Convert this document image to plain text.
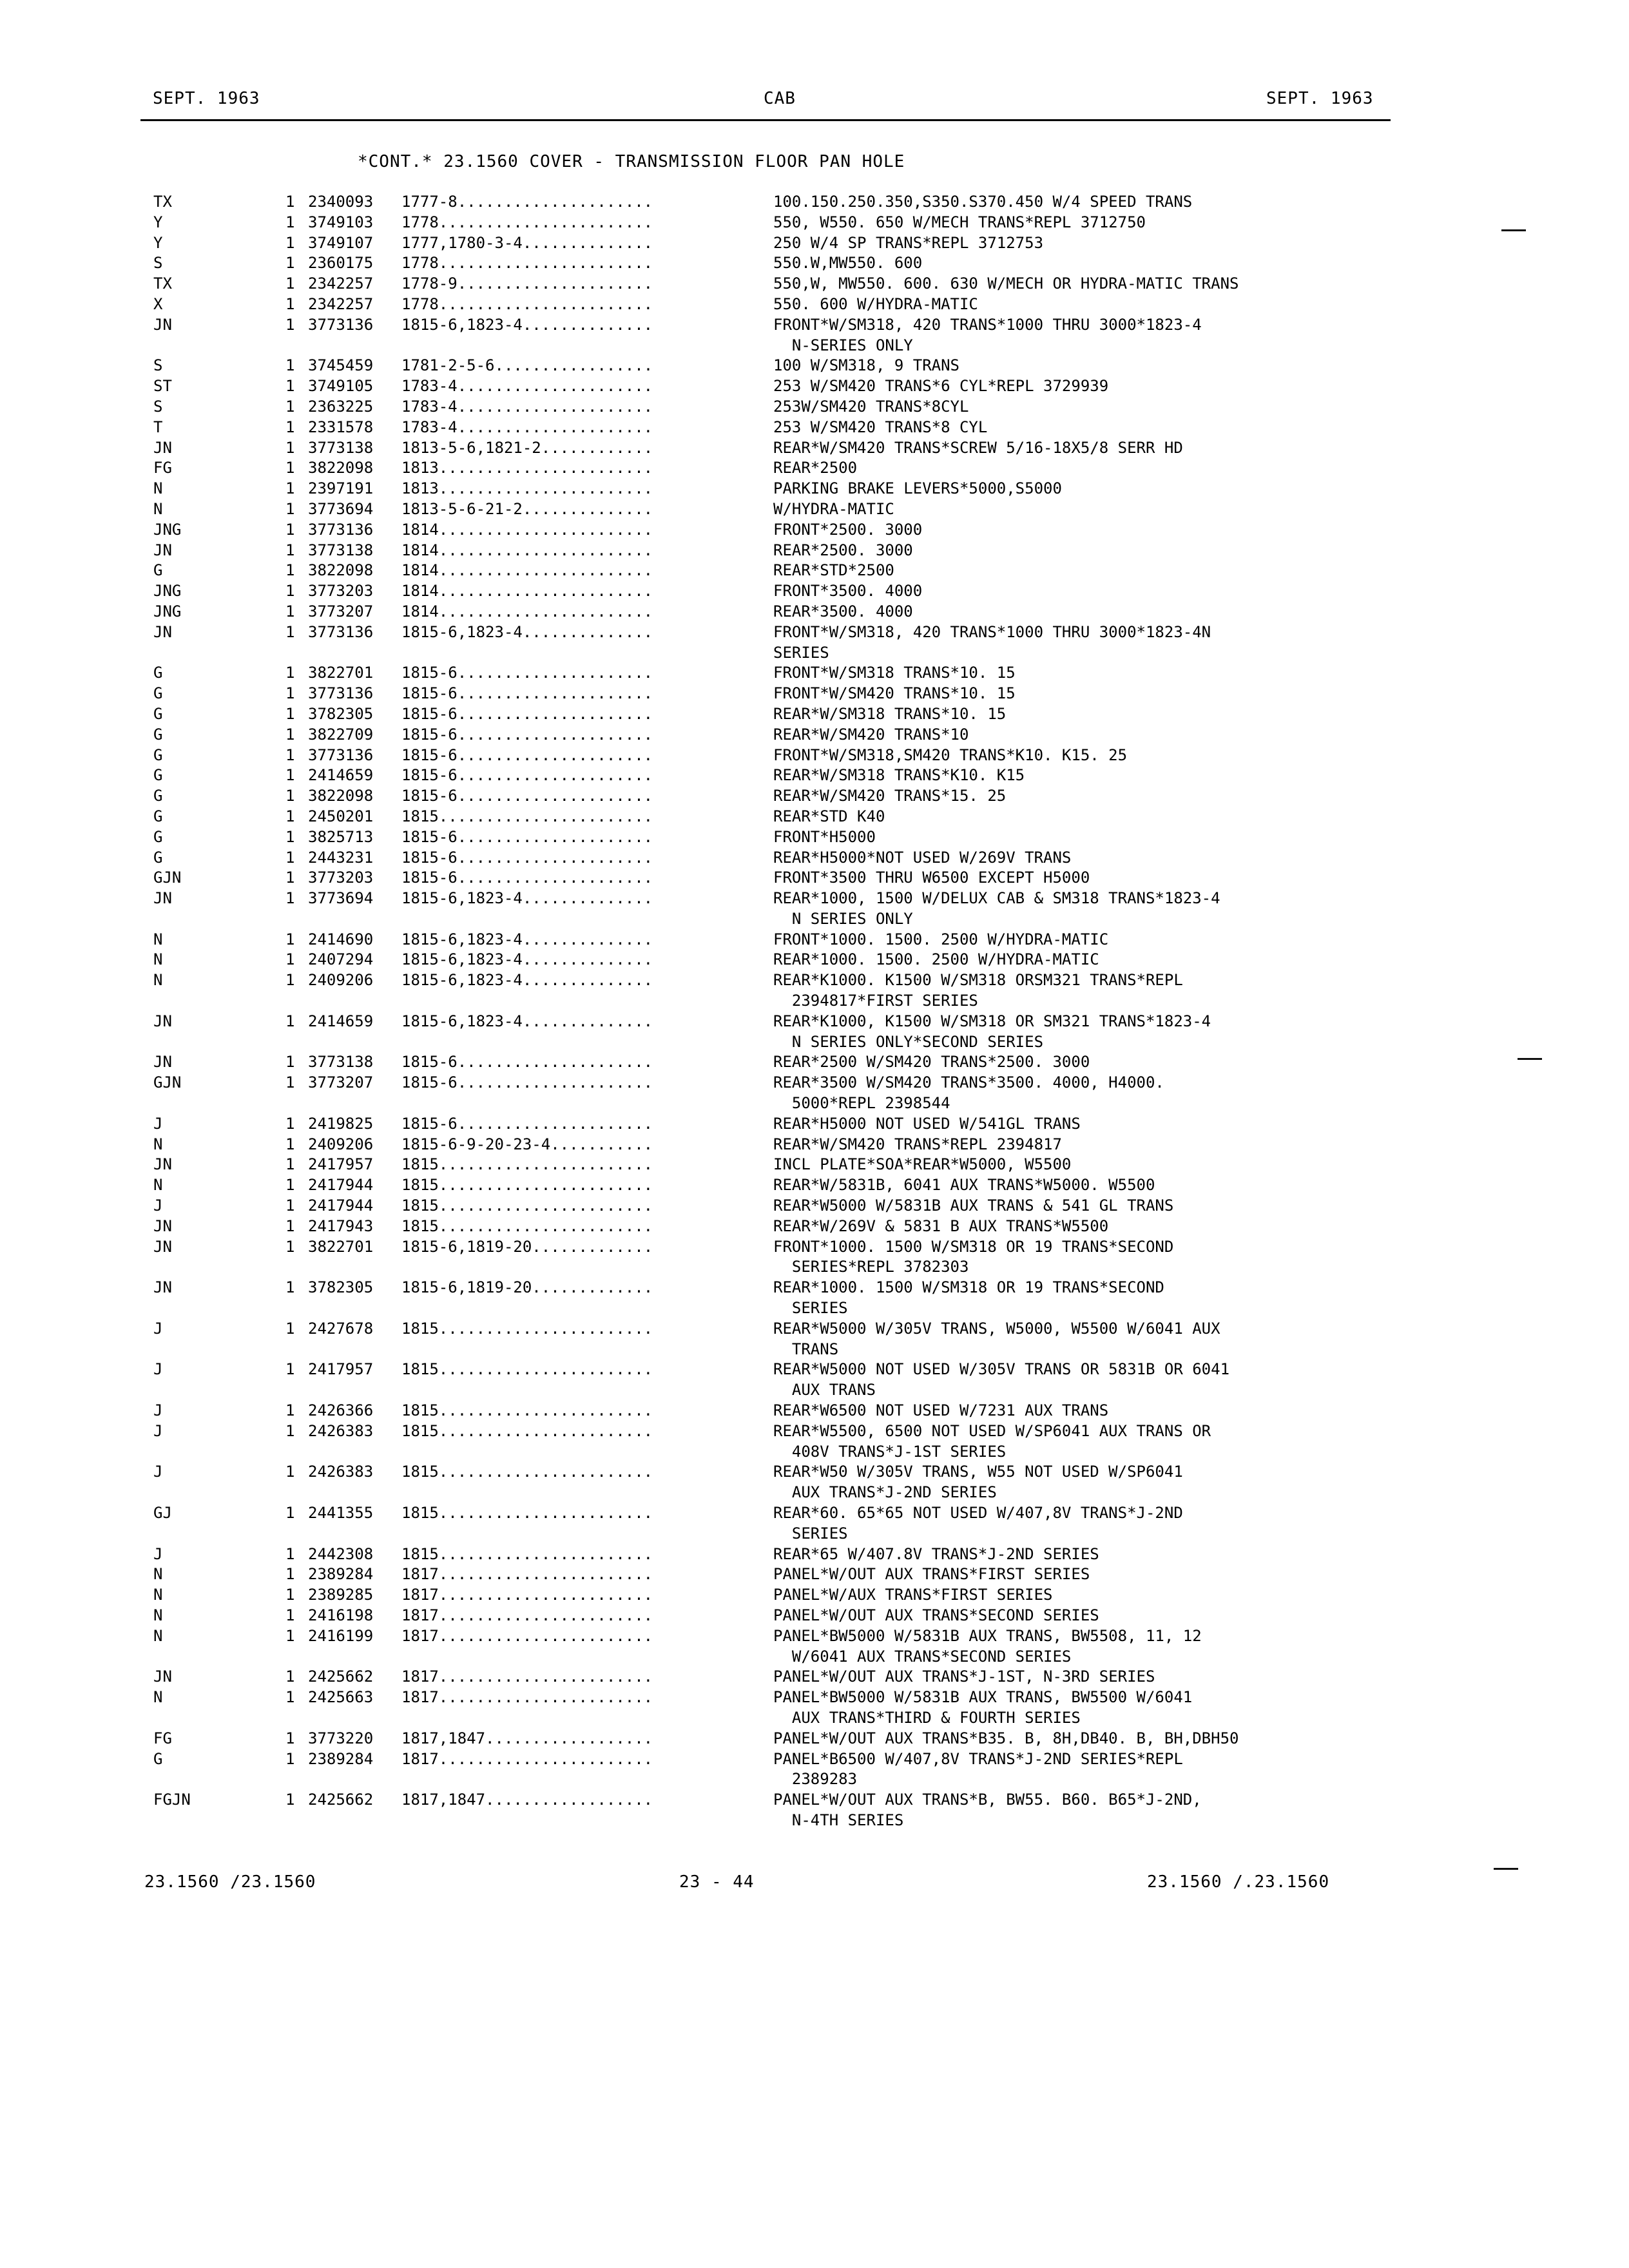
SEPT. 1963	CAB	SEPT. 1963
*CONT.* 23.1560 COVER - TRANSMISSION FLOOR PAN HOLE
TX	1 2340093 1777-8 .....................	100.150.250.350,S350.S370.450 W/4 SPEED TRANS
Y	1 3749103 1778 .......................	550, W550. 650 W/MECH TRANS*REPL 3712750
Y	1 3749107 1777,1780-3-4 ..............	250 W/4 SP TRANS*REPL 3712753
S	1 2360175 1778 .......................	550.W,MW550. 600
TX	1 2342257 1778-9 .....................	550,W, MW550. 600. 630 W/MECH OR HYDRA-MATIC TRANS
X	1 2342257 1778 .......................	550. 600 W/HYDRA-MATIC
JN	1 3773136 1815-6,1823-4 ..............	FRONT*W/SM318, 420 TRANS*1000 THRU 3000*1823-4
N-SERIES ONLY
S	1 3745459 1781-2-5-6 .................	100 W/SM318, 9 TRANS
ST	1 3749105 1783-4 .....................	253 W/SM420 TRANS*6 CYL*REPL 3729939
S	1 2363225 1783-4 .....................	253W/SM420 TRANS*8CYL
T	1 2331578 1783-4 .....................	253 W/SM420 TRANS*8 CYL
JN	1 3773138 1813-5-6,1821-2 ............	REAR*W/SM420 TRANS*SCREW 5/16-18X5/8 SERR HD
FG	1 3822098 1813 .......................	REAR*2500
N	1 2397191 1813 .......................	PARKING BRAKE LEVERS*5000,S5000
N	1 3773694 1813-5-6-21-2 ..............	W/HYDRA-MATIC
JNG	1 3773136 1814 .......................	FRONT*2500. 3000
JN	1 3773138 1814 .......................	REAR*2500. 3000
G	1 3822098 1814 .......................	REAR*STD*2500
JNG	1 3773203 1814 .......................	FRONT*3500. 4000
JNG	1 3773207 1814 .......................	REAR*3500. 4000
JN	1 3773136 1815-6,1823-4 ..............	FRONT*W/SM318, 420 TRANS*1000 THRU 3000*1823-4N
SERIES
G	1 3822701 1815-6 .....................	FRONT*W/SM318 TRANS*10. 15
G	1 3773136 1815-6 .....................	FRONT*W/SM420 TRANS*10. 15
G	1 3782305 1815-6 .....................	REAR*W/SM318 TRANS*10. 15
G	1 3822709 1815-6 .....................	REAR*W/SM420 TRANS*10
G	1 3773136 1815-6 .....................	FRONT*W/SM318,SM420 TRANS*K10. K15. 25
G	1 2414659 1815-6 .....................	REAR*W/SM318 TRANS*K10. K15
G	1 3822098 1815-6 .....................	REAR*W/SM420 TRANS*15. 25
G	1 2450201 1815 .......................	REAR*STD K40
G	1 3825713 1815-6 .....................	FRONT*H5000
G	1 2443231 1815-6 .....................	REAR*H5000*NOT USED W/269V TRANS
GJN	1 3773203 1815-6 .....................	FRONT*3500 THRU W6500 EXCEPT H5000
JN	1 3773694 1815-6,1823-4 ..............	REAR*1000, 1500 W/DELUX CAB & SM318 TRANS*1823-4
N SERIES ONLY
N	1 2414690 1815-6,1823-4 ..............	FRONT*1000. 1500. 2500 W/HYDRA-MATIC
N	1 2407294 1815-6,1823-4 ..............	REAR*1000. 1500. 2500 W/HYDRA-MATIC
N	1 2409206 1815-6,1823-4 ..............	REAR*K1000. K1500 W/SM318 ORSM321 TRANS*REPL
2394817*FIRST SERIES
JN	1 2414659 1815-6,1823-4 ..............	REAR*K1000, K1500 W/SM318 OR SM321 TRANS*1823-4
N SERIES ONLY*SECOND SERIES
JN	1 3773138 1815-6 .....................	REAR*2500 W/SM420 TRANS*2500. 3000
GJN	1 3773207 1815-6 .....................	REAR*3500 W/SM420 TRANS*3500. 4000, H4000.
5000*REPL 2398544
J	1 2419825 1815-6 .....................	REAR*H5000 NOT USED W/541GL TRANS
N	1 2409206 1815-6-9-20-23-4 ...........	REAR*W/SM420 TRANS*REPL 2394817
JN	1 2417957 1815 .......................	INCL PLATE*SOA*REAR*W5000, W5500
N	1 2417944 1815 .......................	REAR*W/5831B, 6041 AUX TRANS*W5000. W5500
J	1 2417944 1815 .......................	REAR*W5000 W/5831B AUX TRANS & 541 GL TRANS
JN	1 2417943 1815 .......................	REAR*W/269V & 5831 B AUX TRANS*W5500
JN	1 3822701 1815-6,1819-20 .............	FRONT*1000. 1500 W/SM318 OR 19 TRANS*SECOND
SERIES*REPL 3782303
JN	1 3782305 1815-6,1819-20 .............	REAR*1000. 1500 W/SM318 OR 19 TRANS*SECOND
SERIES
J	1 2427678 1815 .......................	REAR*W5000 W/305V TRANS, W5000, W5500 W/6041 AUX
TRANS
J	1 2417957 1815 .......................	REAR*W5000 NOT USED W/305V TRANS OR 5831B OR 6041
AUX TRANS
J	1 2426366 1815 .......................	REAR*W6500 NOT USED W/7231 AUX TRANS
J	1 2426383 1815 .......................	REAR*W5500, 6500 NOT USED W/SP6041 AUX TRANS OR
408V TRANS*J-1ST SERIES
J	1 2426383 1815 .......................	REAR*W50 W/305V TRANS, W55 NOT USED W/SP6041
AUX TRANS*J-2ND SERIES
GJ	1 2441355 1815 .......................	REAR*60. 65*65 NOT USED W/407,8V TRANS*J-2ND
SERIES
J	1 2442308 1815 .......................	REAR*65 W/407.8V TRANS*J-2ND SERIES
N	1 2389284 1817 .......................	PANEL*W/OUT AUX TRANS*FIRST SERIES
N	1 2389285 1817 .......................	PANEL*W/AUX TRANS*FIRST SERIES
N	1 2416198 1817 .......................	PANEL*W/OUT AUX TRANS*SECOND SERIES
N	1 2416199 1817 .......................	PANEL*BW5000 W/5831B AUX TRANS, BW5508, 11, 12
W/6041 AUX TRANS*SECOND SERIES
JN	1 2425662 1817 .......................	PANEL*W/OUT AUX TRANS*J-1ST, N-3RD SERIES
N	1 2425663 1817 .......................	PANEL*BW5000 W/5831B AUX TRANS, BW5500 W/6041
AUX TRANS*THIRD & FOURTH SERIES
FG	1 3773220 1817,1847 ..................	PANEL*W/OUT AUX TRANS*B35. B, 8H,DB40. B, BH,DBH50
G	1 2389284 1817 .......................	PANEL*B6500 W/407,8V TRANS*J-2ND SERIES*REPL
2389283
FGJN	1 2425662 1817,1847 ..................	PANEL*W/OUT AUX TRANS*B, BW55. B60. B65*J-2ND,
N-4TH SERIES
23.1560 /23.1560	23 - 44	23.1560 /.23.1560
